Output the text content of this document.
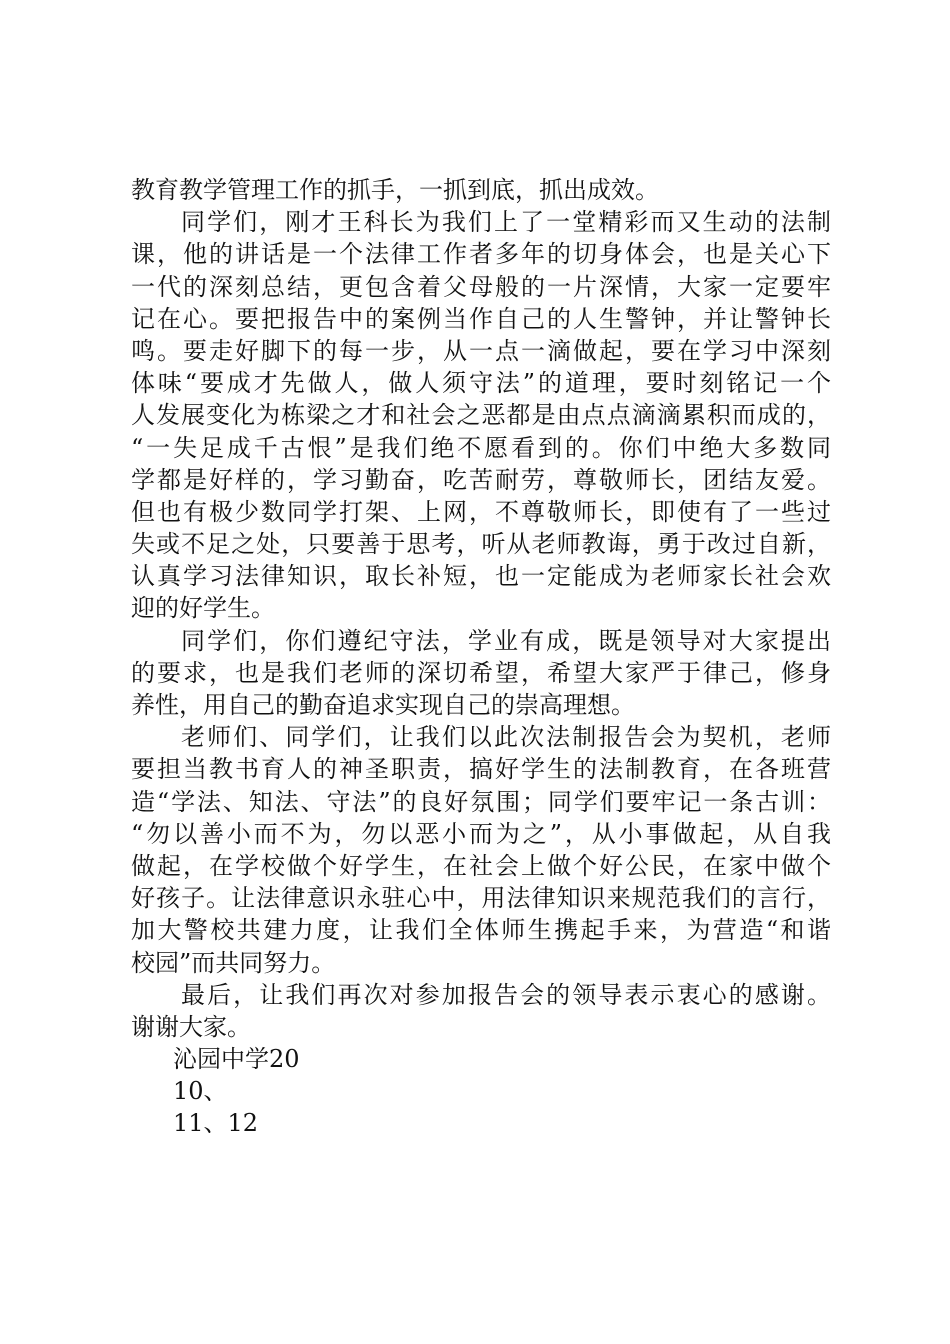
教育教学管理工作的抓手，一抓到底，抓出成效。
同学们，刚才王科长为我们上了一堂精彩而又生动的法制
课，他的讲话是一个法律工作者多年的切身体会，也是关心下
一代的深刻总结，更包含着父母般的一片深情，大家一定要牢
记在心。要把报告中的案例当作自己的人生警钟，并让警钟长
鸣。要走好脚下的每一步，从一点一滴做起，要在学习中深刻
体味“要成才先做人，做人须守法”的道理，要时刻铭记一个
人发展变化为栋梁之才和社会之恶都是由点点滴滴累积而成的，
“一失足成千古恨”是我们绝不愿看到的。你们中绝大多数同
学都是好样的，学习勤奋，吃苦耐劳，尊敬师长，团结友爱。
但也有极少数同学打架、上网，不尊敬师长，即使有了一些过
失或不足之处，只要善于思考，听从老师教诲，勇于改过自新，
认真学习法律知识，取长补短，也一定能成为老师家长社会欢
迎的好学生。
同学们，你们遵纪守法，学业有成，既是领导对大家提出
的要求，也是我们老师的深切希望，希望大家严于律己，修身
养性，用自己的勤奋追求实现自己的崇高理想。
老师们、同学们，让我们以此次法制报告会为契机，老师
要担当教书育人的神圣职责，搞好学生的法制教育，在各班营
造“学法、知法、守法”的良好氛围；同学们要牢记一条古训：
“勿以善小而不为，勿以恶小而为之”，从小事做起，从自我
做起，在学校做个好学生，在社会上做个好公民，在家中做个
好孩子。让法律意识永驻心中，用法律知识来规范我们的言行，
加大警校共建力度，让我们全体师生携起手来，为营造“和谐
校园”而共同努力。
最后，让我们再次对参加报告会的领导表示衷心的感谢。
谢谢大家。
沁园中学20
10、
11、12
